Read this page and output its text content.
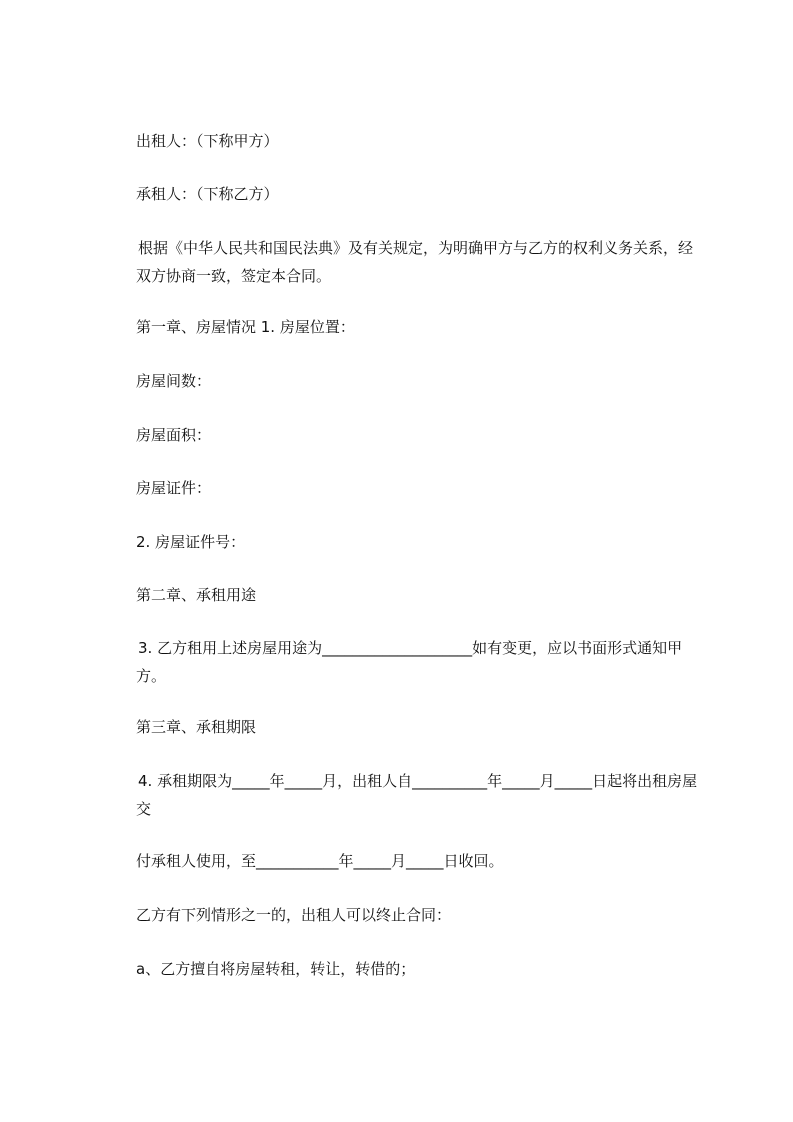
出租人：（下称甲方）

承租人：（下称乙方）

根据《中华人民共和国民法典》及有关规定，为明确甲方与乙方的权利义务关系，经双方协商一致，签定本合同。

第一章、房屋情况 1. 房屋位置：

房屋间数：

房屋面积：

房屋证件：

2. 房屋证件号：

第二章、承租用途

3. 乙方租用上述房屋用途为____________________如有变更，应以书面形式通知甲方。

第三章、承租期限

4. 承租期限为_____年_____月，出租人自__________年_____月_____日起将出租房屋交

付承租人使用，至___________年_____月_____日收回。

乙方有下列情形之一的，出租人可以终止合同：

a、乙方擅自将房屋转租，转让，转借的；
